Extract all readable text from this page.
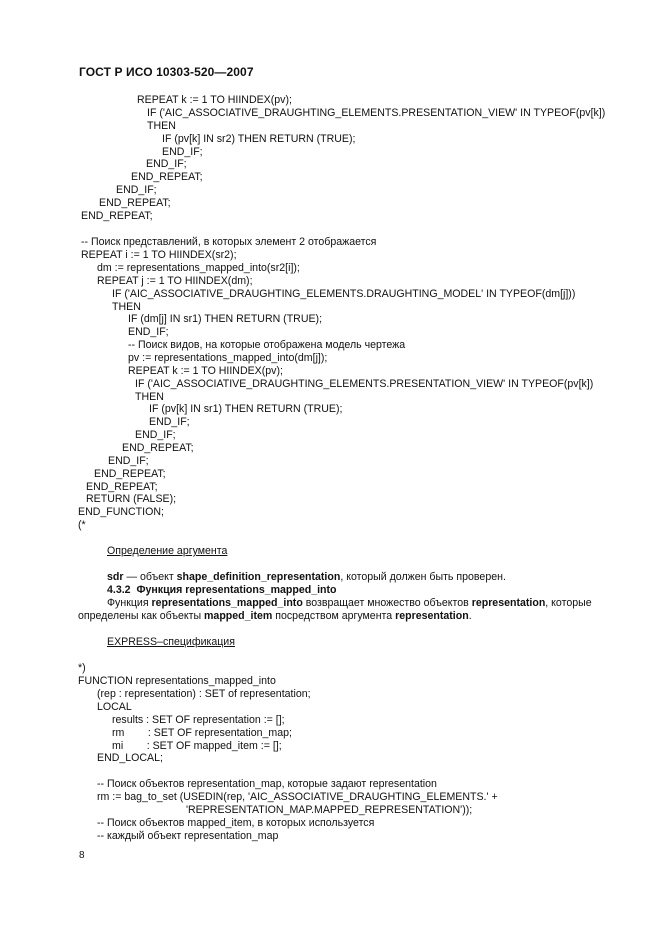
ГОСТ Р ИСО 10303-520—2007
REPEAT k := 1 TO HIINDEX(pv);
IF ('AIC_ASSOCIATIVE_DRAUGHTING_ELEMENTS.PRESENTATION_VIEW' IN TYPEOF(pv[k])
THEN
IF (pv[k] IN sr2) THEN RETURN (TRUE);
END_IF;
END_IF;
END_REPEAT;
END_IF;
END_REPEAT;
END_REPEAT;
-- Поиск представлений, в которых элемент 2 отображается
REPEAT i := 1 TO HIINDEX(sr2);
dm := representations_mapped_into(sr2[i]);
REPEAT j := 1 TO HIINDEX(dm);
IF ('AIC_ASSOCIATIVE_DRAUGHTING_ELEMENTS.DRAUGHTING_MODEL' IN TYPEOF(dm[j]))
THEN
IF (dm[j] IN sr1) THEN RETURN (TRUE);
END_IF;
-- Поиск видов, на которые отображена модель чертежа
pv := representations_mapped_into(dm[j]);
REPEAT k := 1 TO HIINDEX(pv);
IF ('AIC_ASSOCIATIVE_DRAUGHTING_ELEMENTS.PRESENTATION_VIEW' IN TYPEOF(pv[k])
THEN
IF (pv[k] IN sr1) THEN RETURN (TRUE);
END_IF;
END_IF;
END_REPEAT;
END_IF;
END_REPEAT;
END_REPEAT;
RETURN (FALSE);
END_FUNCTION;
(*
Определение аргумента
sdr — объект shape_definition_representation, который должен быть проверен.
4.3.2 Функция representations_mapped_into
Функция representations_mapped_into возвращает множество объектов representation, которые
определены как объекты mapped_item посредством аргумента representation.
EXPRESS–спецификация
*)
FUNCTION representations_mapped_into
(rep : representation) : SET of representation;
LOCAL
results : SET OF representation := [];
rm        : SET OF representation_map;
mi        : SET OF mapped_item := [];
END_LOCAL;
-- Поиск объектов representation_map, которые задают representation
rm := bag_to_set (USEDIN(rep, 'AIC_ASSOCIATIVE_DRAUGHTING_ELEMENTS.' +
'REPRESENTATION_MAP.MAPPED_REPRESENTATION'));
-- Поиск объектов mapped_item, в которых используется
-- каждый объект representation_map
8
